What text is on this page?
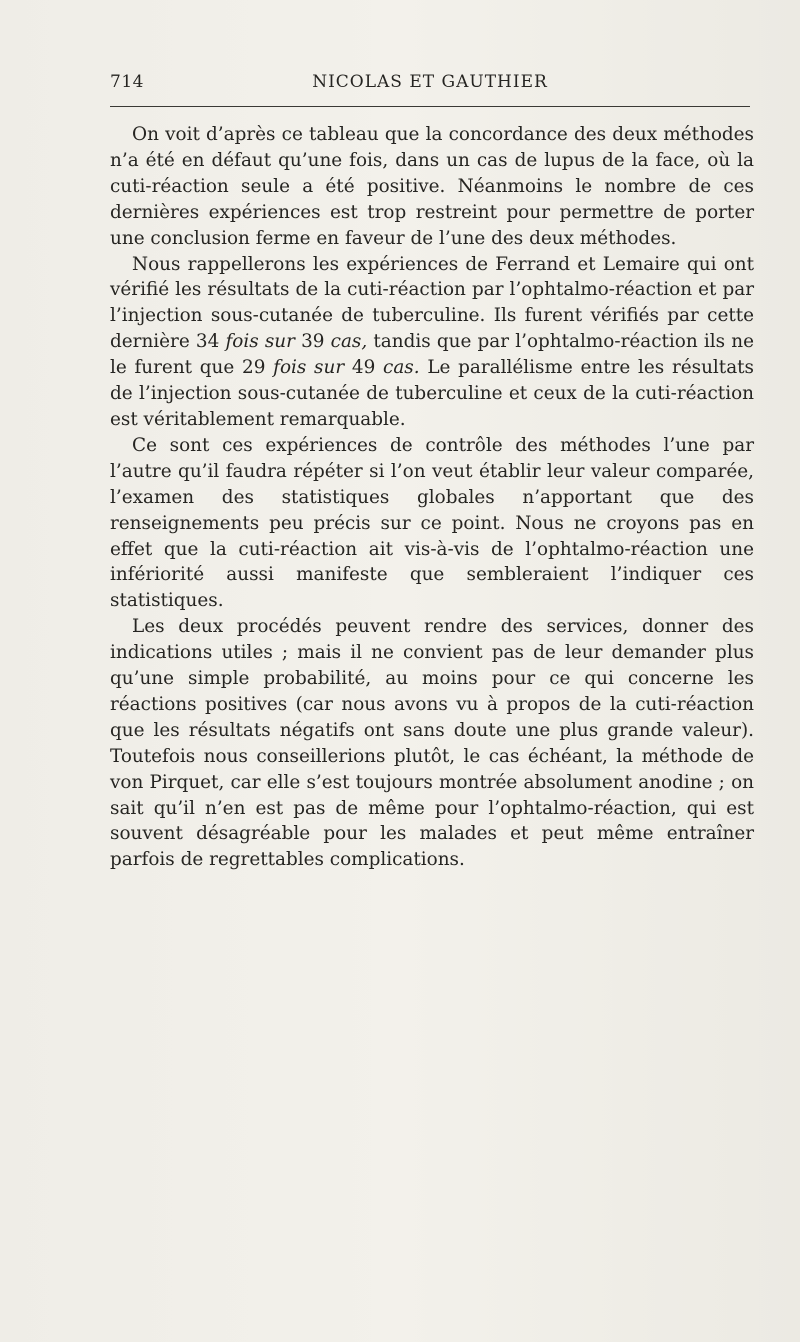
714	NICOLAS ET GAUTHIER

On voit d’après ce tableau que la concordance des deux méthodes n’a été en défaut qu’une fois, dans un cas de lupus de la face, où la cuti-réaction seule a été positive. Néanmoins le nombre de ces dernières expériences est trop restreint pour permettre de porter une conclusion ferme en faveur de l’une des deux méthodes.

Nous rappellerons les expériences de Ferrand et Lemaire qui ont vérifié les résultats de la cuti-réaction par l’ophtalmo-réaction et par l’injection sous-cutanée de tuberculine. Ils furent vérifiés par cette dernière 34 fois sur 39 cas, tandis que par l’ophtalmo-réaction ils ne le furent que 29 fois sur 49 cas. Le parallélisme entre les résultats de l’injection sous-cutanée de tuberculine et ceux de la cuti-réaction est véritablement remarquable.

Ce sont ces expériences de contrôle des méthodes l’une par l’autre qu’il faudra répéter si l’on veut établir leur valeur comparée, l’examen des statistiques globales n’apportant que des renseignements peu précis sur ce point. Nous ne croyons pas en effet que la cuti-réaction ait vis-à-vis de l’ophtalmo-réaction une infériorité aussi manifeste que sembleraient l’indiquer ces statistiques.

Les deux procédés peuvent rendre des services, donner des indications utiles ; mais il ne convient pas de leur demander plus qu’une simple probabilité, au moins pour ce qui concerne les réactions positives (car nous avons vu à propos de la cuti-réaction que les résultats négatifs ont sans doute une plus grande valeur). Toutefois nous conseillerions plutôt, le cas échéant, la méthode de von Pirquet, car elle s’est toujours montrée absolument anodine ; on sait qu’il n’en est pas de même pour l’ophtalmo-réaction, qui est souvent désagréable pour les malades et peut même entraîner parfois de regrettables complications.
